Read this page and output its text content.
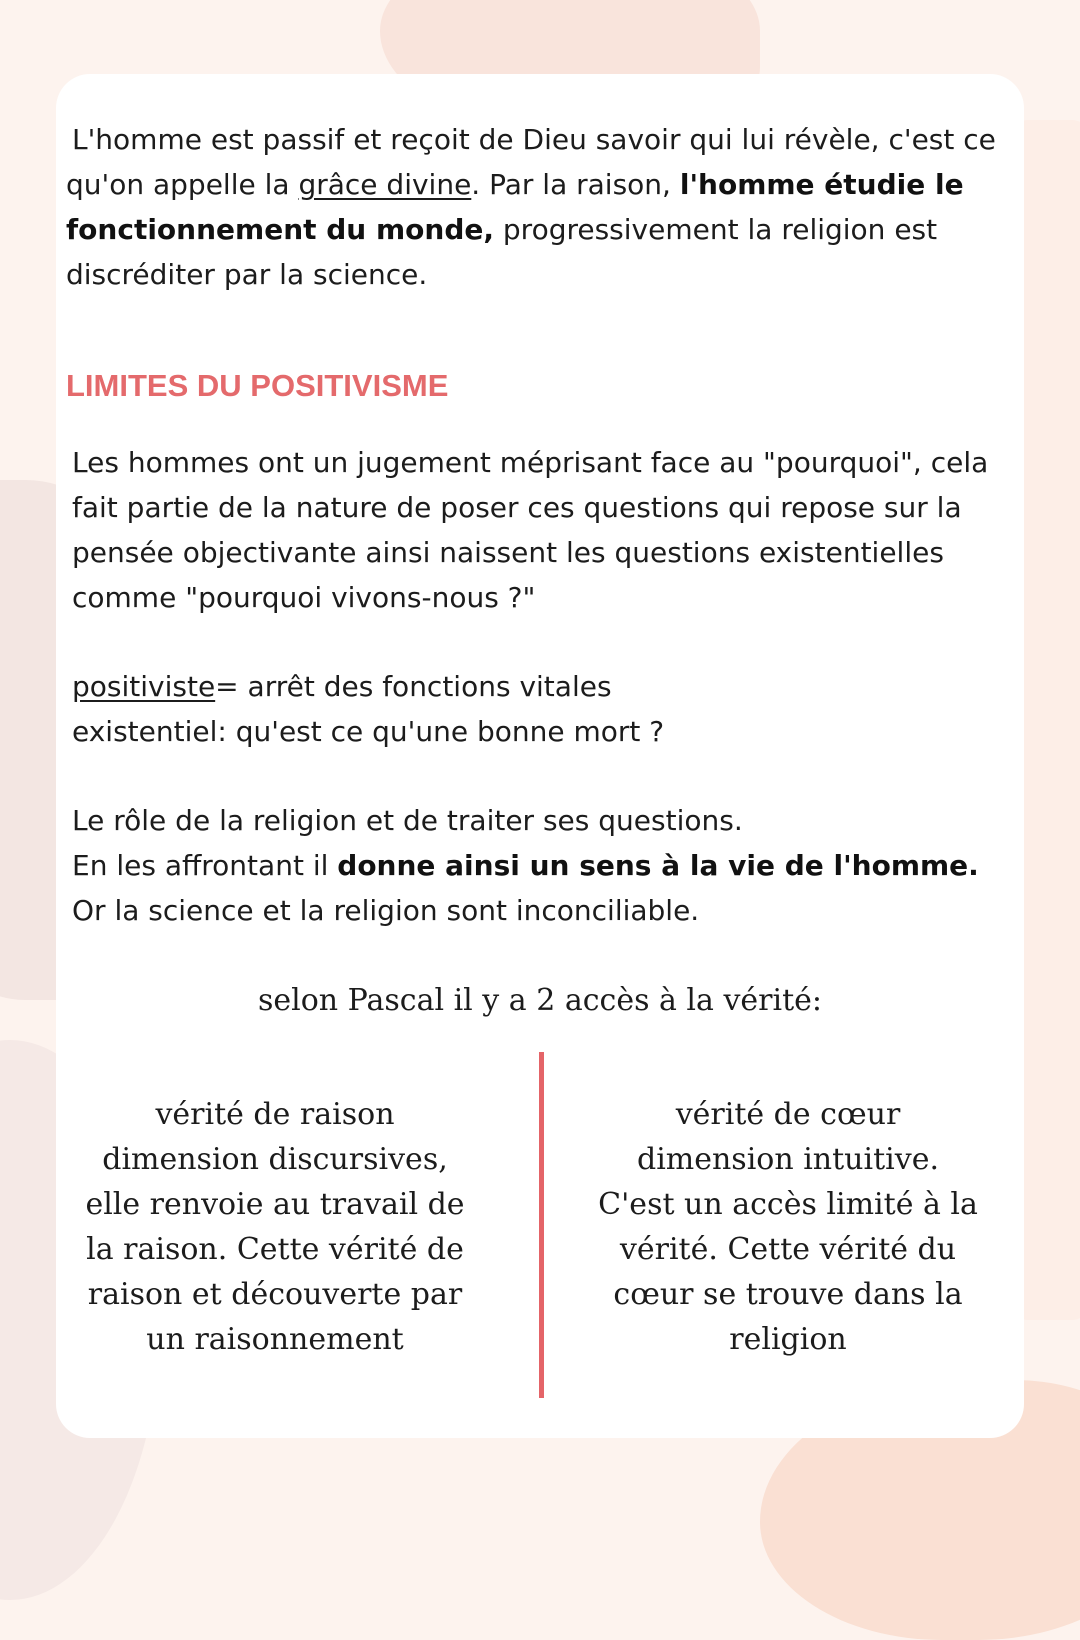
L'homme est passif et reçoit de Dieu savoir qui lui révèle, c'est ce

qu'on appelle la grâce divine. Par la raison, l'homme étudie le

fonctionnement du monde, progressivement la religion est

discréditer par la science.

LIMITES DU POSITIVISME

Les hommes ont un jugement méprisant face au "pourquoi", cela
fait partie de la nature de poser ces questions qui repose sur la
pensée objectivante ainsi naissent les questions existentielles
comme "pourquoi vivons-nous ?"

positiviste= arrêt des fonctions vitales
existentiel: qu'est ce qu'une bonne mort ?

Le rôle de la religion et de traiter ses questions.
En les affrontant il donne ainsi un sens à la vie de l'homme.
Or la science et la religion sont inconciliable.

selon Pascal il y a 2 accès à la vérité:

vérité de raison
dimension discursives,
elle renvoie au travail de
la raison. Cette vérité de
raison et découverte par
un raisonnement

vérité de cœur
dimension intuitive.
C'est un accès limité à la
vérité. Cette vérité du
cœur se trouve dans la
religion
